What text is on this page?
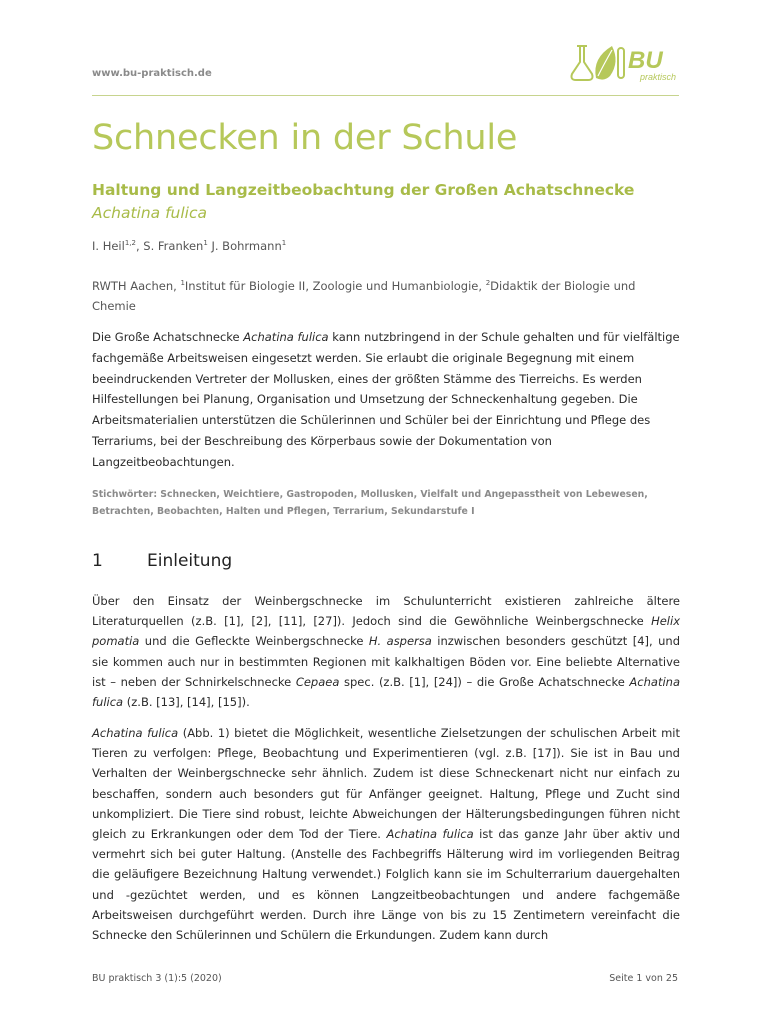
www.bu-praktisch.de	BU
praktisch
Schnecken in der Schule
Haltung und Langzeitbeobachtung der Großen Achatschnecke
Achatina fulica
I. Heil$^{1,2}$, S. Franken$^1$ J. Bohrmann$^1$
RWTH Aachen, $^1$Institut für Biologie II, Zoologie und Humanbiologie, $^2$Didaktik der Biologie und Chemie
Die Große Achatschnecke Achatina fulica kann nutzbringend in der Schule gehalten und für vielfältige fachgemäße Arbeitsweisen eingesetzt werden. Sie erlaubt die originale Begegnung mit einem beeindruckenden Vertreter der Mollusken, eines der größten Stämme des Tierreichs. Es werden Hilfestellungen bei Planung, Organisation und Umsetzung der Schneckenhaltung gegeben. Die Arbeitsmaterialien unterstützen die Schülerinnen und Schüler bei der Einrichtung und Pflege des Terrariums, bei der Beschreibung des Körperbaus sowie der Dokumentation von Langzeitbeobachtungen.
Stichwörter: Schnecken, Weichtiere, Gastropoden, Mollusken, Vielfalt und Angepasstheit von Lebewesen, Betrachten, Beobachten, Halten und Pflegen, Terrarium, Sekundarstufe I
1	Einleitung
Über den Einsatz der Weinbergschnecke im Schulunterricht existieren zahlreiche ältere Literaturquellen (z.B. [1], [2], [11], [27]). Jedoch sind die Gewöhnliche Weinbergschnecke Helix pomatia und die Gefleckte Weinbergschnecke H. aspersa inzwischen besonders geschützt [4], und sie kommen auch nur in bestimmten Regionen mit kalkhaltigen Böden vor. Eine beliebte Alternative ist – neben der Schnirkelschnecke Cepaea spec. (z.B. [1], [24]) – die Große Achatschnecke Achatina fulica (z.B. [13], [14], [15]).
Achatina fulica (Abb. 1) bietet die Möglichkeit, wesentliche Zielsetzungen der schulischen Arbeit mit Tieren zu verfolgen: Pflege, Beobachtung und Experimentieren (vgl. z.B. [17]). Sie ist in Bau und Verhalten der Weinbergschnecke sehr ähnlich. Zudem ist diese Schneckenart nicht nur einfach zu beschaffen, sondern auch besonders gut für Anfänger geeignet. Haltung, Pflege und Zucht sind unkompliziert. Die Tiere sind robust, leichte Abweichungen der Hälterungsbedingungen führen nicht gleich zu Erkrankungen oder dem Tod der Tiere. Achatina fulica ist das ganze Jahr über aktiv und vermehrt sich bei guter Haltung. (Anstelle des Fachbegriffs Hälterung wird im vorliegenden Beitrag die geläufigere Bezeichnung Haltung verwendet.) Folglich kann sie im Schulterrarium dauergehalten und -gezüchtet werden, und es können Langzeitbeobachtungen und andere fachgemäße Arbeitsweisen durchgeführt werden. Durch ihre Länge von bis zu 15 Zentimetern vereinfacht die Schnecke den Schülerinnen und Schülern die Erkundungen. Zudem kann durch
BU praktisch 3 (1):5 (2020)	Seite 1 von 25
